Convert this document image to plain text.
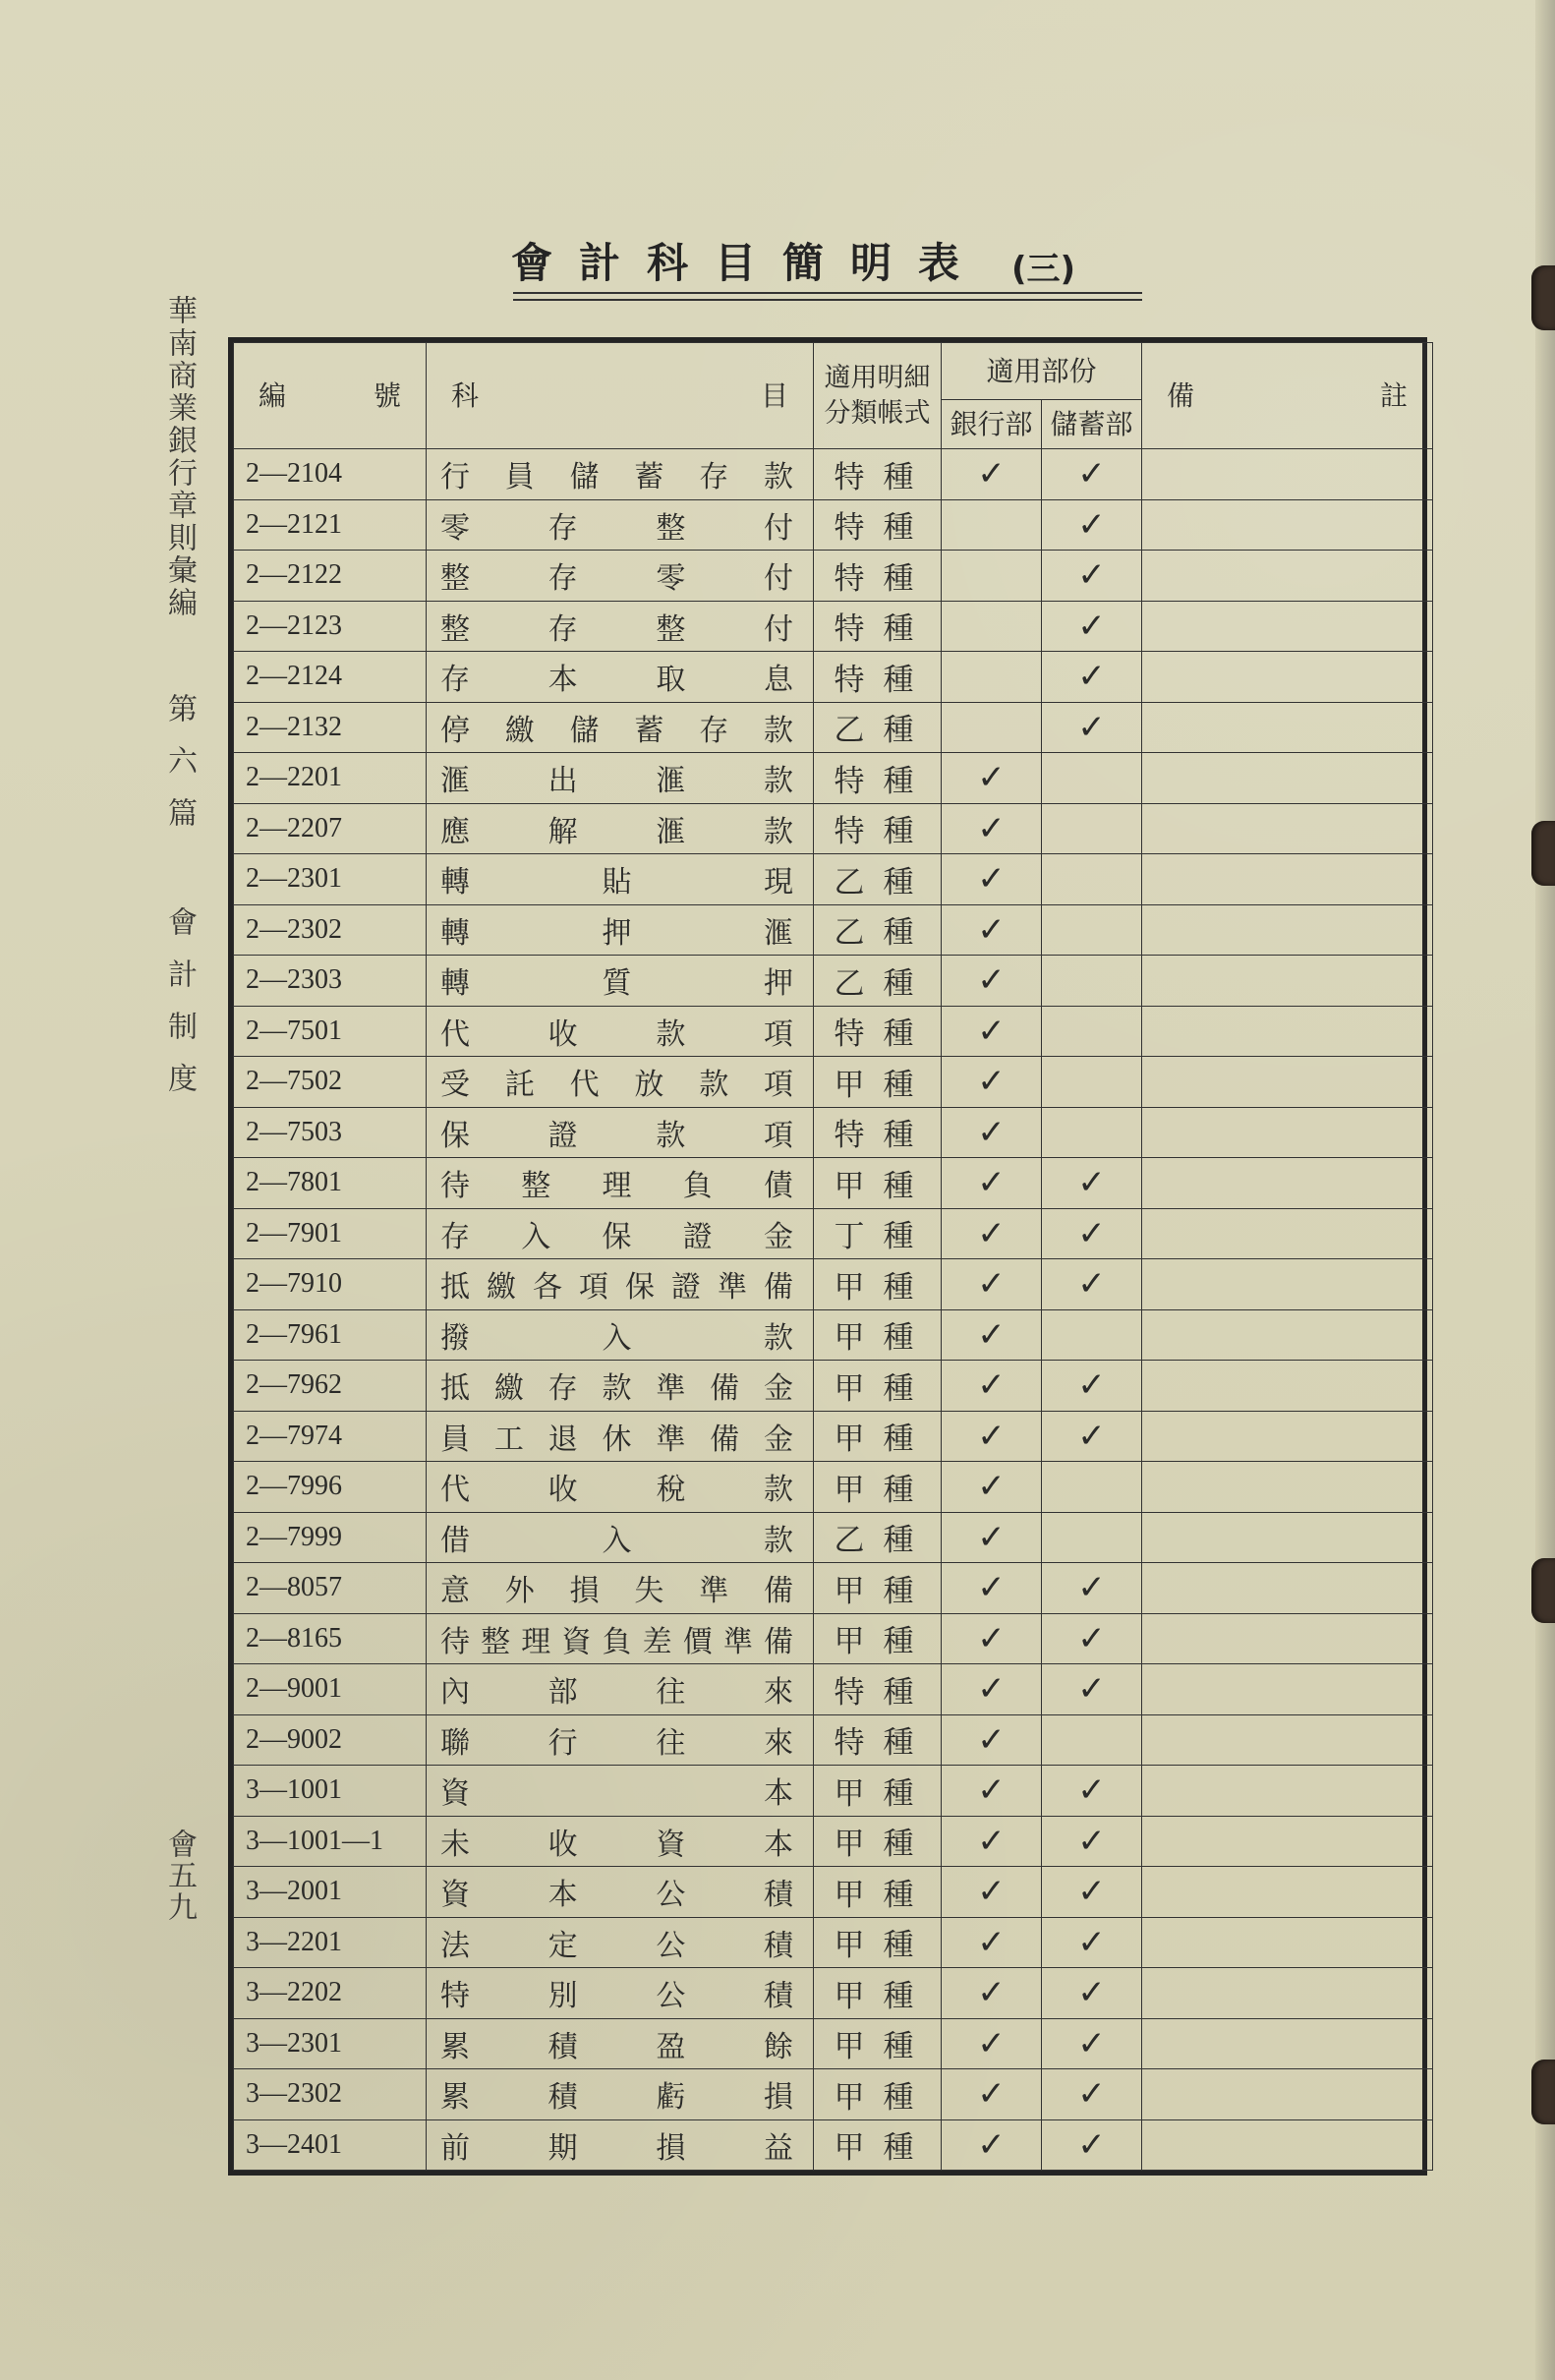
會計科目簡明表 (三)
華南商業銀行章則彙編
第六篇 會計制度
會五九
編 號	科 目	適用明細分類帳式	適用部份		備 註

			銀行部	儲蓄部	
2—2104	行員儲蓄存款	特種	✓	✓	
2—2121	零存整付	特種		✓	
2—2122	整存零付	特種		✓	
2—2123	整存整付	特種		✓	
2—2124	存本取息	特種		✓	
2—2132	停繳儲蓄存款	乙種		✓	
2—2201	滙出滙款	特種	✓		
2—2207	應解滙款	特種	✓		
2—2301	轉貼現	乙種	✓		
2—2302	轉押滙	乙種	✓		
2—2303	轉質押	乙種	✓		
2—7501	代收款項	特種	✓		
2—7502	受託代放款項	甲種	✓		
2—7503	保證款項	特種	✓		
2—7801	待整理負債	甲種	✓	✓	
2—7901	存入保證金	丁種	✓	✓	
2—7910	抵繳各項保證準備	甲種	✓	✓	
2—7961	撥入款	甲種	✓		
2—7962	抵繳存款準備金	甲種	✓	✓	
2—7974	員工退休準備金	甲種	✓	✓	
2—7996	代收稅款	甲種	✓		
2—7999	借入款	乙種	✓		
2—8057	意外損失準備	甲種	✓	✓	
2—8165	待整理資負差價準備	甲種	✓	✓	
2—9001	內部往來	特種	✓	✓	
2—9002	聯行往來	特種	✓		
3—1001	資本	甲種	✓	✓	
3—1001—1	未收資本	甲種	✓	✓	
3—2001	資本公積	甲種	✓	✓	
3—2201	法定公積	甲種	✓	✓	
3—2202	特別公積	甲種	✓	✓	
3—2301	累積盈餘	甲種	✓	✓	
3—2302	累積虧損	甲種	✓	✓	
3—2401	前期損益	甲種	✓	✓	
